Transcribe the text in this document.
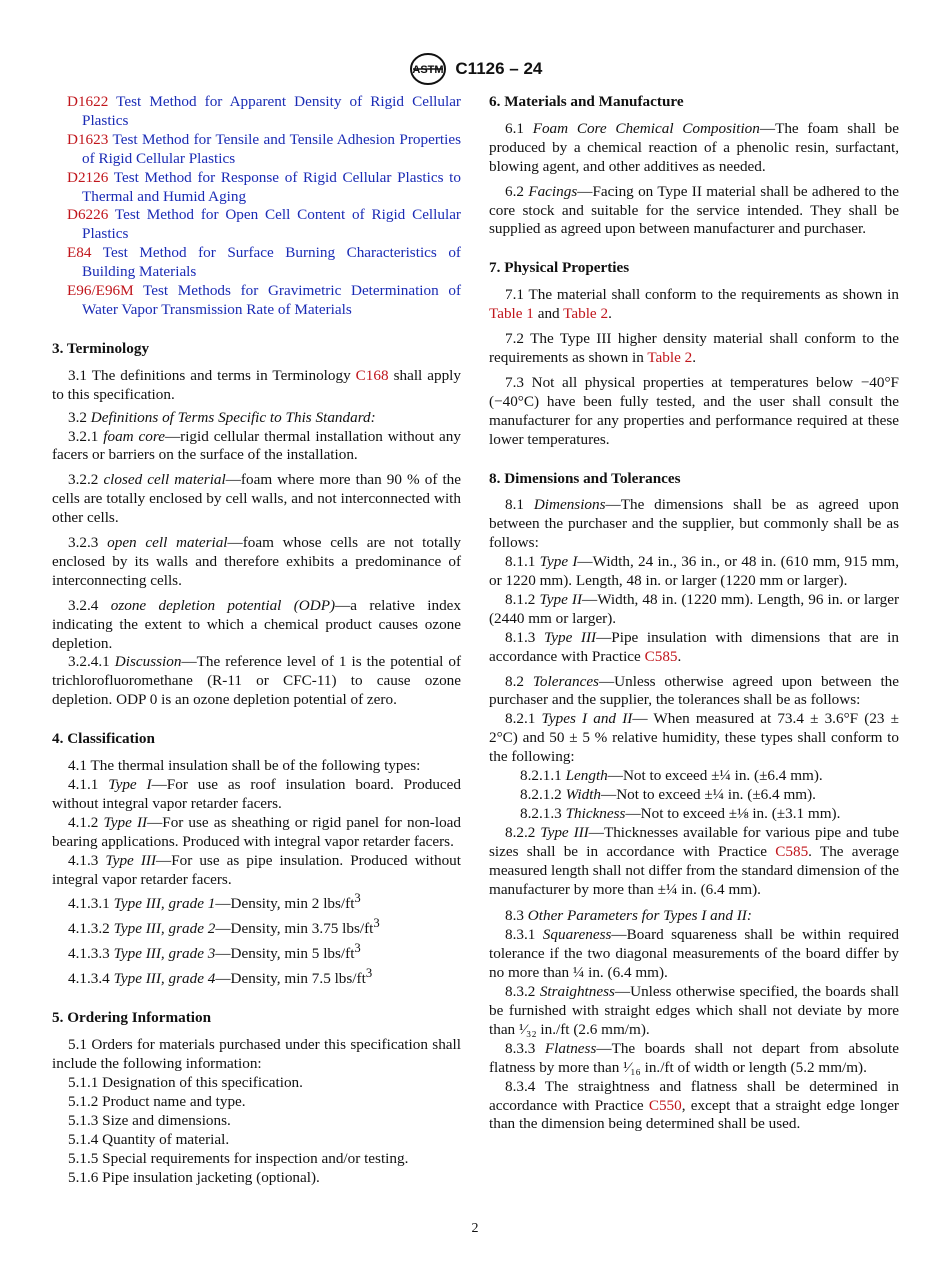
ASTM C1126 – 24

D1622 Test Method for Apparent Density of Rigid Cellular Plastics

D1623 Test Method for Tensile and Tensile Adhesion Properties of Rigid Cellular Plastics

D2126 Test Method for Response of Rigid Cellular Plastics to Thermal and Humid Aging

D6226 Test Method for Open Cell Content of Rigid Cellular Plastics

E84 Test Method for Surface Burning Characteristics of Building Materials

E96/E96M Test Methods for Gravimetric Determination of Water Vapor Transmission Rate of Materials

3. Terminology

3.1 The definitions and terms in Terminology C168 shall apply to this specification.

3.2 Definitions of Terms Specific to This Standard:

3.2.1 foam core—rigid cellular thermal installation without any facers or barriers on the surface of the installation.

3.2.2 closed cell material—foam where more than 90 % of the cells are totally enclosed by cell walls, and not interconnected with other cells.

3.2.3 open cell material—foam whose cells are not totally enclosed by its walls and therefore exhibits a predominance of interconnecting cells.

3.2.4 ozone depletion potential (ODP)—a relative index indicating the extent to which a chemical product causes ozone depletion.

3.2.4.1 Discussion—The reference level of 1 is the potential of trichlorofluoromethane (R-11 or CFC-11) to cause ozone depletion. ODP 0 is an ozone depletion potential of zero.

4. Classification

4.1 The thermal insulation shall be of the following types:

4.1.1 Type I—For use as roof insulation board. Produced without integral vapor retarder facers.

4.1.2 Type II—For use as sheathing or rigid panel for non-load bearing applications. Produced with integral vapor retarder facers.

4.1.3 Type III—For use as pipe insulation. Produced without integral vapor retarder facers.

4.1.3.1 Type III, grade 1—Density, min 2 lbs/$ft^3$

4.1.3.2 Type III, grade 2—Density, min 3.75 lbs/$ft^3$

4.1.3.3 Type III, grade 3—Density, min 5 lbs/$ft^3$

4.1.3.4 Type III, grade 4—Density, min 7.5 lbs/$ft^3$

5. Ordering Information

5.1 Orders for materials purchased under this specification shall include the following information:

5.1.1 Designation of this specification.

5.1.2 Product name and type.

5.1.3 Size and dimensions.

5.1.4 Quantity of material.

5.1.5 Special requirements for inspection and/or testing.

5.1.6 Pipe insulation jacketing (optional).

6. Materials and Manufacture

6.1 Foam Core Chemical Composition—The foam shall be produced by a chemical reaction of a phenolic resin, surfactant, blowing agent, and other additives as needed.

6.2 Facings—Facing on Type II material shall be adhered to the core stock and suitable for the service intended. They shall be supplied as agreed upon between manufacturer and purchaser.

7. Physical Properties

7.1 The material shall conform to the requirements as shown in Table 1 and Table 2.

7.2 The Type III higher density material shall conform to the requirements as shown in Table 2.

7.3 Not all physical properties at temperatures below −40°F (−40°C) have been fully tested, and the user shall consult the manufacturer for any properties and performance required at these lower temperatures.

8. Dimensions and Tolerances

8.1 Dimensions—The dimensions shall be as agreed upon between the purchaser and the supplier, but commonly shall be as follows:

8.1.1 Type I—Width, 24 in., 36 in., or 48 in. (610 mm, 915 mm, or 1220 mm). Length, 48 in. or larger (1220 mm or larger).

8.1.2 Type II—Width, 48 in. (1220 mm). Length, 96 in. or larger (2440 mm or larger).

8.1.3 Type III—Pipe insulation with dimensions that are in accordance with Practice C585.

8.2 Tolerances—Unless otherwise agreed upon between the purchaser and the supplier, the tolerances shall be as follows:

8.2.1 Types I and II— When measured at 73.4 ± 3.6°F (23 ± 2°C) and 50 ± 5 % relative humidity, these types shall conform to the following:

8.2.1.1 Length—Not to exceed ±¼ in. (±6.4 mm).

8.2.1.2 Width—Not to exceed ±¼ in. (±6.4 mm).

8.2.1.3 Thickness—Not to exceed ±⅛ in. (±3.1 mm).

8.2.2 Type III—Thicknesses available for various pipe and tube sizes shall be in accordance with Practice C585. The average measured length shall not differ from the standard dimension of the manufacturer by more than ±¼ in. (6.4 mm).

8.3 Other Parameters for Types I and II:

8.3.1 Squareness—Board squareness shall be within required tolerance if the two diagonal measurements of the board differ by no more than ¼ in. (6.4 mm).

8.3.2 Straightness—Unless otherwise specified, the boards shall be furnished with straight edges which shall not deviate by more than ¹⁄₃₂ in./ft (2.6 mm/m).

8.3.3 Flatness—The boards shall not depart from absolute flatness by more than ¹⁄₁₆ in./ft of width or length (5.2 mm/m).

8.3.4 The straightness and flatness shall be determined in accordance with Practice C550, except that a straight edge longer than the dimension being determined shall be used.

2
